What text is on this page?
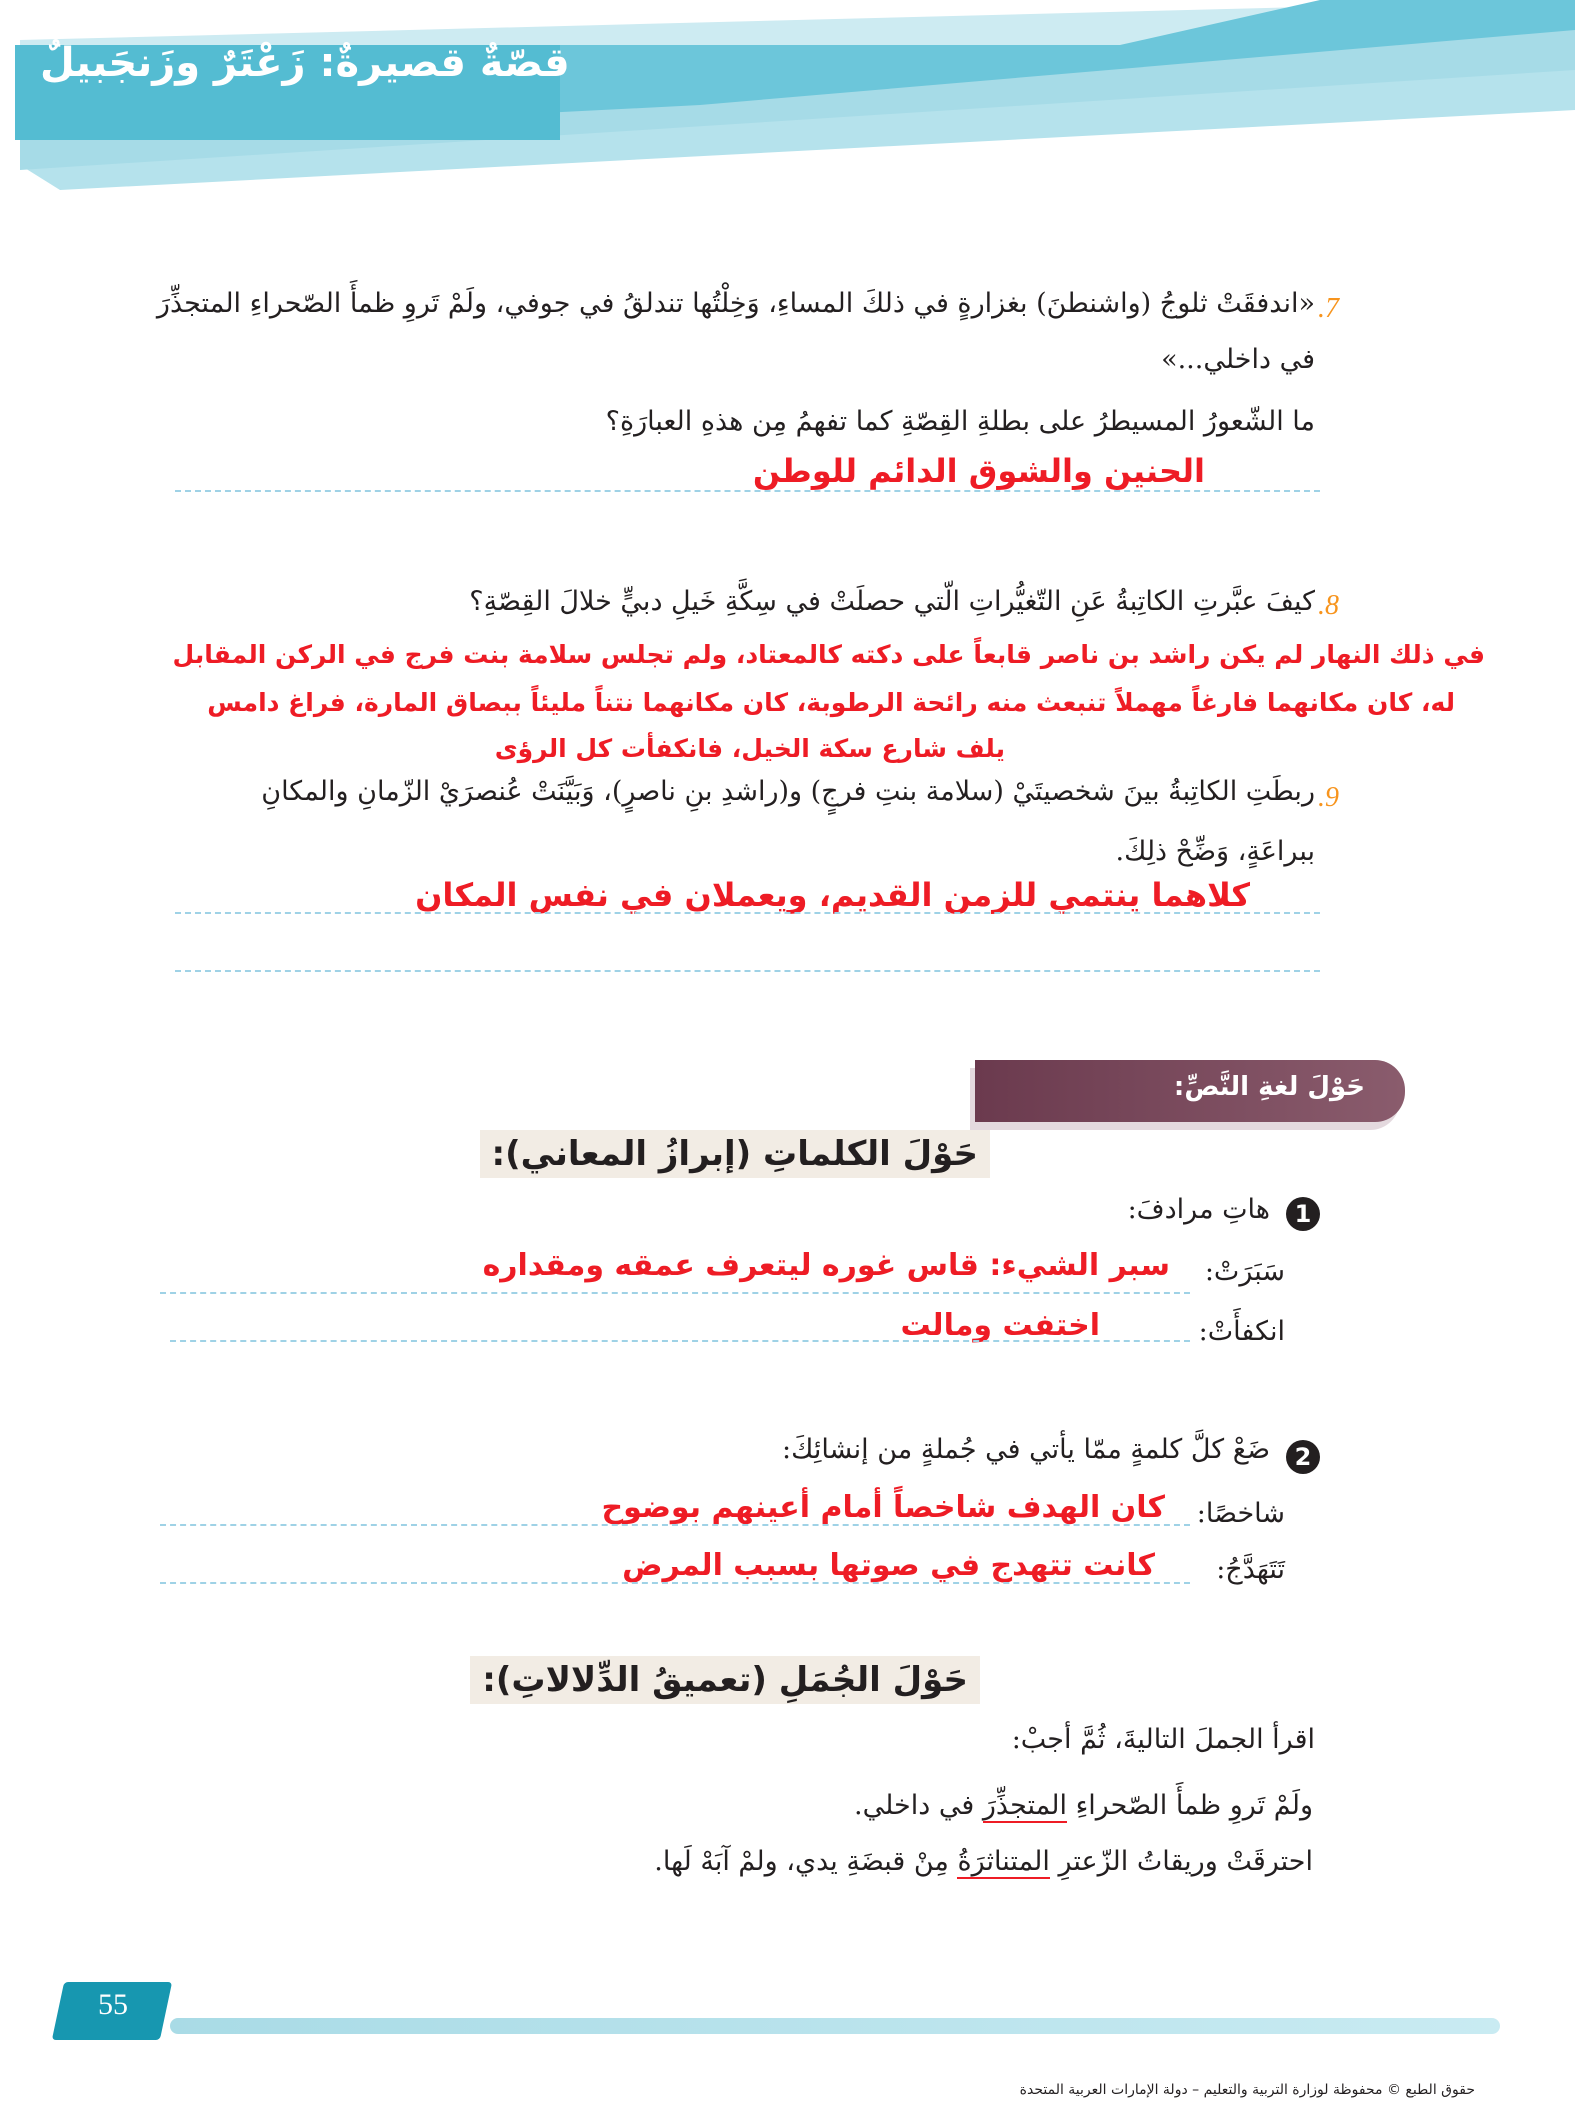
قصّةٌ قصيرةٌ: زَعْتَرٌ وزَنجَبيلٌ
7.
«اندفقَتْ ثلوجُ (واشنطنَ) بغزارةٍ في ذلكَ المساءِ، وَخِلْتُها تندلقُ في جوفي، ولَمْ تَروِ ظمأَ الصّحراءِ المتجذِّرَ
في داخلي...»
ما الشّعورُ المسيطرُ على بطلةِ القِصّةِ كما تفهمُ مِن هذهِ العبارَةِ؟
الحنين والشوق الدائم للوطن
8.
كيفَ عبَّرتِ الكاتِبةُ عَنِ التّغيُّراتِ الّتي حصلَتْ في سِكَّةِ خَيلِ دبيٍّ خلالَ القِصّةِ؟
في ذلك النهار لم يكن راشد بن ناصر قابعاً على دكته كالمعتاد، ولم تجلس سلامة بنت فرج في الركن المقابل
له، كان مكانهما فارغاً مهملاً تنبعث منه رائحة الرطوبة، كان مكانهما نتناً مليئاً ببصاق المارة، فراغ دامس
يلف شارع سكة الخيل، فانكفأت كل الرؤى
9.
ربطَتِ الكاتِبةُ بينَ شخصيتَيْ (سلامة بنتِ فرجٍ) و(راشدِ بنِ ناصرٍ)، وَبَيَّنَتْ عُنصرَيْ الزّمانِ والمكانِ
ببراعَةٍ، وَضِّحْ ذلِكَ.
كلاهما ينتمي للزمن القديم، ويعملان في نفس المكان
حَوْلَ لغةِ النَّصِّ:
حَوْلَ الكلماتِ (إبرازُ المعاني):
1
هاتِ مرادفَ:
سَبَرَتْ:
سبر الشيء: قاس غوره ليتعرف عمقه ومقداره
انكفأَتْ:
اختفت ومالت
2
ضَعْ كلَّ كلمةٍ ممّا يأتي في جُملةٍ من إنشائِكَ:
شاخصًا:
كان الهدف شاخصاً أمام أعينهم بوضوح
تَتَهَدَّجُ:
كانت تتهدج في صوتها بسبب المرض
حَوْلَ الجُمَلِ (تعميقُ الدِّلالاتِ):
اقرأ الجملَ التاليةَ، ثُمَّ أجبْ:
ولَمْ تَروِ ظمأَ الصّحراءِ المتجذِّرَ في داخلي.
احترقَتْ وريقاتُ الزّعترِ المتناثرَةُ مِنْ قبضَةِ يدي، ولمْ آبَهْ لَها.
55
حقوق الطبع © محفوظة لوزارة التربية والتعليم – دولة الإمارات العربية المتحدة
